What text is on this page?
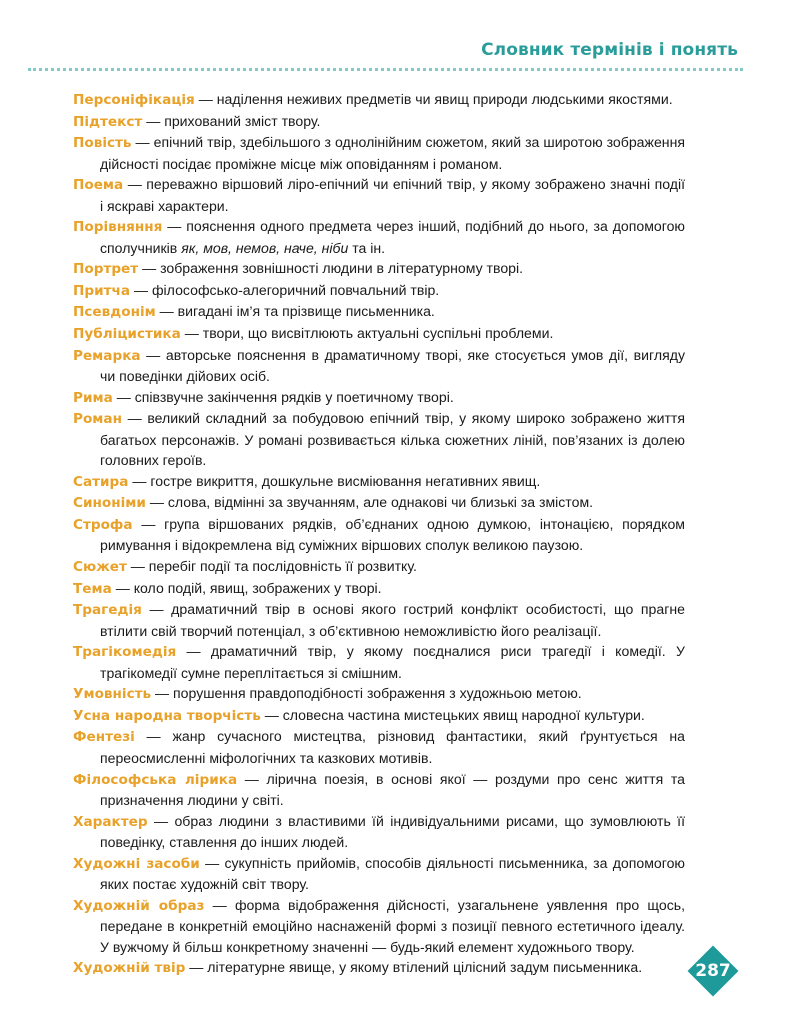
Словник термінів і понять

Персоніфікація — наділення неживих предметів чи явищ природи людськими якостями.

Підтекст — прихований зміст твору.

Повість — епічний твір, здебільшого з однолінійним сюжетом, який за широтою зображення дійсності посідає проміжне місце між оповіданням і романом.

Поема — переважно віршовий ліро-епічний чи епічний твір, у якому зображено значні події і яскраві характери.

Порівняння — пояснення одного предмета через інший, подібний до нього, за допомогою сполучників як, мов, немов, наче, ніби та ін.

Портрет — зображення зовнішності людини в літературному творі.

Притча — філософсько-алегоричний повчальний твір.

Псевдонім — вигадані ім’я та прізвище письменника.

Публіцистика — твори, що висвітлюють актуальні суспільні проблеми.

Ремарка — авторське пояснення в драматичному творі, яке стосується умов дії, вигляду чи поведінки дійових осіб.

Рима — співзвучне закінчення рядків у поетичному творі.

Роман — великий складний за побудовою епічний твір, у якому широко зображено життя багатьох персонажів. У романі розвивається кілька сюжетних ліній, пов’язаних із долею головних героїв.

Сатира — гостре викриття, дошкульне висміювання негативних явищ.

Синоніми — слова, відмінні за звучанням, але однакові чи близькі за змістом.

Строфа — група віршованих рядків, об’єднаних одною думкою, інтонацією, порядком римування і відокремлена від суміжних віршових сполук великою паузою.

Сюжет — перебіг події та послідовність її розвитку.

Тема — коло подій, явищ, зображених у творі.

Трагедія — драматичний твір в основі якого гострий конфлікт особистості, що прагне втілити свій творчий потенціал, з об’єктивною неможливістю його реалізації.

Трагікомедія — драматичний твір, у якому поєдналися риси трагедії і комедії. У трагікомедії сумне переплітається зі смішним.

Умовність — порушення правдоподібності зображення з художньою метою.

Усна народна творчість — словесна частина мистецьких явищ народної культури.

Фентезі — жанр сучасного мистецтва, різновид фантастики, який ґрунтується на переосмисленні міфологічних та казкових мотивів.

Філософська лірика — лірична поезія, в основі якої — роздуми про сенс життя та призначення людини у світі.

Характер — образ людини з властивими їй індивідуальними рисами, що зумовлюють її поведінку, ставлення до інших людей.

Художні засоби — сукупність прийомів, способів діяльності письменника, за допомогою яких постає художній світ твору.

Художній образ — форма відображення дійсності, узагальнене уявлення про щось, передане в конкретній емоційно наснаженій формі з позиції певного естетичного ідеалу. У вужчому й більш конкретному значенні — будь-який елемент художнього твору.

Художній твір — літературне явище, у якому втілений цілісний задум письменника.	287
